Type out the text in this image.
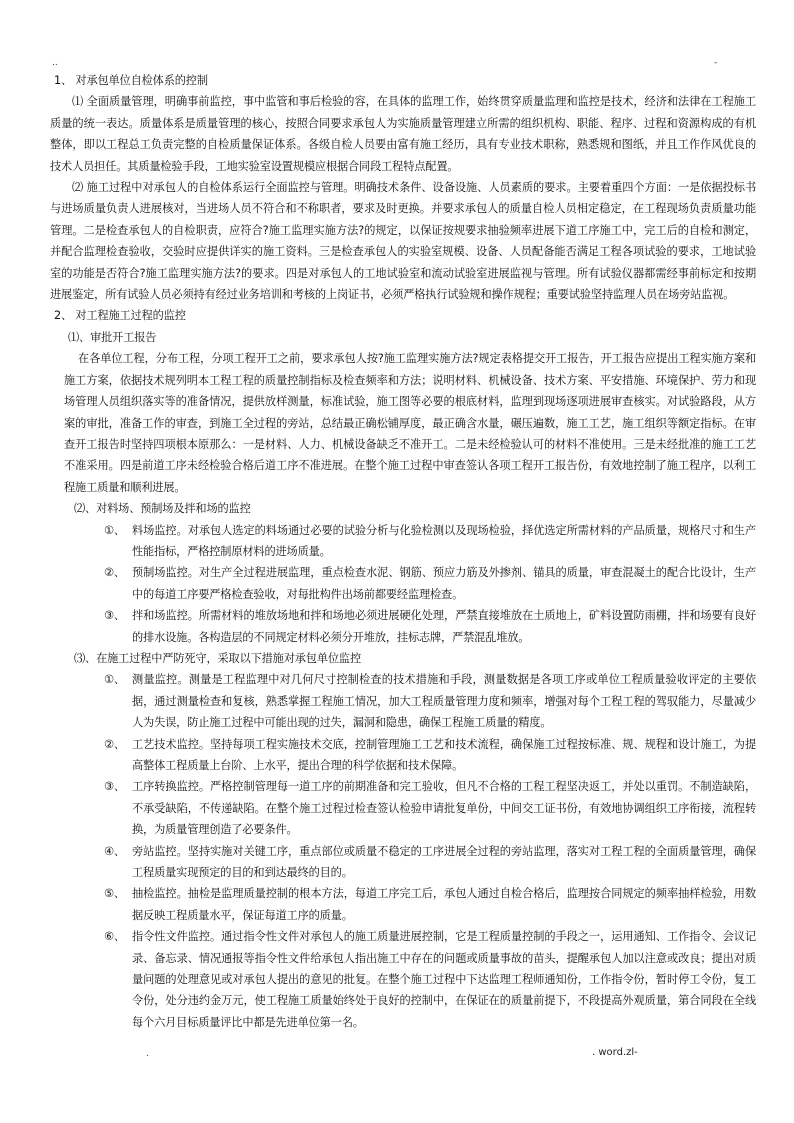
..	-

1、 对承包单位自检体系的控制

⑴ 全面质量管理，明确事前监控，事中监管和事后检验的容，在具体的监理工作，始终贯穿质量监理和监控是技术，经济和法律在工程施工质量的统一表达。质量体系是质量管理的核心，按照合同要求承包人为实施质量管理建立所需的组织机构、职能、程序、过程和资源构成的有机整体，即以工程总工负责完整的自检质量保证体系。各级自检人员要由富有施工经历，具有专业技术职称，熟悉规和图纸，并且工作作风优良的技术人员担任。其质量检验手段，工地实验室设置规模应根据合同段工程特点配置。

⑵ 施工过程中对承包人的自检体系运行全面监控与管理。明确技术条件、设备设施、人员素质的要求。主要着重四个方面：一是依据投标书与进场质量负责人进展核对，当进场人员不符合和不称职者，要求及时更换。并要求承包人的质量自检人员相定稳定，在工程现场负责质量功能管理。二是检查承包人的自检职责，应符合?施工监理实施方法?的规定，以保证按规要求抽验频率进展下道工序施工中，完工后的自检和测定，并配合监理检查验收，交验时应提供详实的施工资料。三是检查承包人的实验室规模、设备、人员配备能否满足工程各项试验的要求，工地试验室的功能是否符合?施工监理实施方法?的要求。四是对承包人的工地试验室和流动试验室进展监视与管理。所有试验仪器都需经事前标定和按期进展鉴定，所有试验人员必须持有经过业务培训和考核的上岗证书，必须严格执行试验规和操作规程；重要试验坚持监理人员在场旁站监视。

2、 对工程施工过程的监控

⑴、审批开工报告

在各单位工程，分布工程，分项工程开工之前，要求承包人按?施工监理实施方法?规定表格提交开工报告，开工报告应提出工程实施方案和施工方案，依据技术规列明本工程工程的质量控制指标及检查频率和方法；说明材料、机械设备、技术方案、平安措施、环境保护、劳力和现场管理人员组织落实等的准备情况，提供放样测量，标准试验，施工图等必要的根底材料，监理到现场逐项进展审查核实。对试验路段，从方案的审批，准备工作的审查，到施工全过程的旁站，总结最正确松铺厚度，最正确含水量，碾压遍数，施工工艺，施工组织等额定指标。在审查开工报告时坚持四项根本原那么：一是材料、人力、机械设备缺乏不准开工。二是未经检验认可的材料不准使用。三是未经批准的施工工艺不准采用。四是前道工序未经检验合格后道工序不准进展。在整个施工过程中审查签认各项工程开工报告份，有效地控制了施工程序，以利工程施工质量和顺利进展。

⑵、对料场、预制场及拌和场的监控

①、 料场监控。对承包人选定的料场通过必要的试验分析与化验检测以及现场检验，择优选定所需材料的产品质量，规格尺寸和生产性能指标，严格控制原材料的进场质量。
②、 预制场监控。对生产全过程进展监理，重点检查水泥、钢筋、预应力筋及外掺剂、锚具的质量，审查混凝土的配合比设计，生产中的每道工序要严格检查验收，对每批构件出场前都要经监理检查。
③、 拌和场监控。所需材料的堆放场地和拌和场地必须进展硬化处理，严禁直接堆放在土质地上，矿料设置防雨棚，拌和场要有良好的排水设施。各构造层的不同规定材料必须分开堆放，挂标志牌，严禁混乱堆放。

⑶、在施工过程中严防死守，采取以下措施对承包单位监控

①、 测量监控。测量是工程监理中对几何尺寸控制检查的技术措施和手段，测量数据是各项工序或单位工程质量验收评定的主要依据，通过测量检查和复核，熟悉掌握工程施工情况，加大工程质量管理力度和频率，增强对每个工程工程的驾驭能力，尽量减少人为失误，防止施工过程中可能出现的过失，漏洞和隐患，确保工程施工质量的精度。
②、 工艺技术监控。坚持每项工程实施技术交底，控制管理施工工艺和技术流程，确保施工过程按标准、规、规程和设计施工，为提高整体工程质量上台阶、上水平，提出合理的科学依据和技术保障。
③、 工序转换监控。严格控制管理每一道工序的前期准备和完工验收，但凡不合格的工程工程坚决返工，并处以重罚。不制造缺陷，不承受缺陷，不传递缺陷。在整个施工过程过检查签认检验申请批复单份，中间交工证书份，有效地协调组织工序衔接，流程转换，为质量管理创造了必要条件。
④、 旁站监控。坚持实施对关键工序，重点部位或质量不稳定的工序进展全过程的旁站监理，落实对工程工程的全面质量管理，确保工程质量实现预定的目的和到达最终的目的。
⑤、 抽检监控。抽检是监理质量控制的根本方法，每道工序完工后，承包人通过自检合格后，监理按合同规定的频率抽样检验，用数据反映工程质量水平，保证每道工序的质量。
⑥、 指令性文件监控。通过指令性文件对承包人的施工质量进展控制，它是工程质量控制的手段之一，运用通知、工作指令、会议记录、备忘录、情况通报等指令性文件给承包人指出施工中存在的问题或质量事故的苗头，提醒承包人加以注意或改良；提出对质量问题的处理意见或对承包人提出的意见的批复。在整个施工过程中下达监理工程师通知份，工作指令份，暂时停工令份，复工令份，处分违约金万元，使工程施工质量始终处于良好的控制中，在保证在的质量前提下，不段提高外观质量，第合同段在全线每个六月目标质量评比中都是先进单位第一名。
.	. word.zl-
